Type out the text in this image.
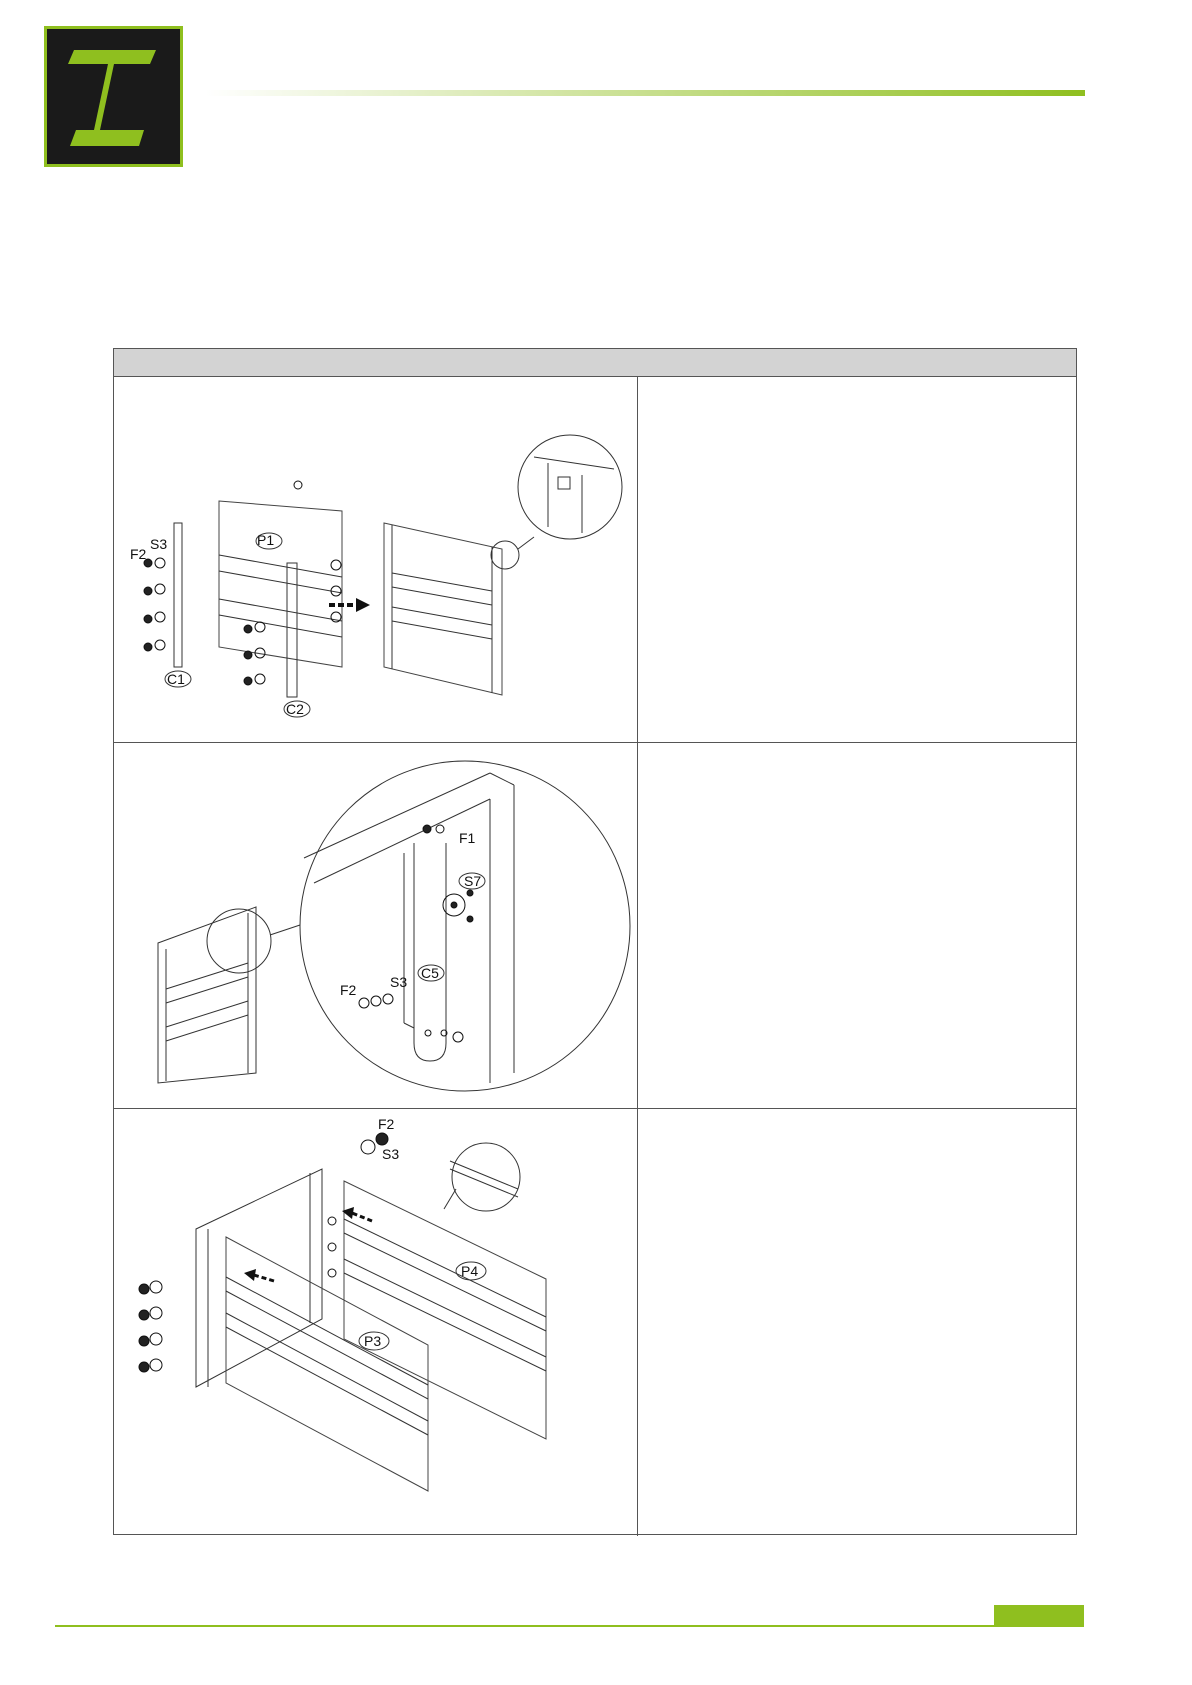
P1
F2
S3
C1
C2
F1
S7
C5
F2 S3
F2
S3
P3
P4
